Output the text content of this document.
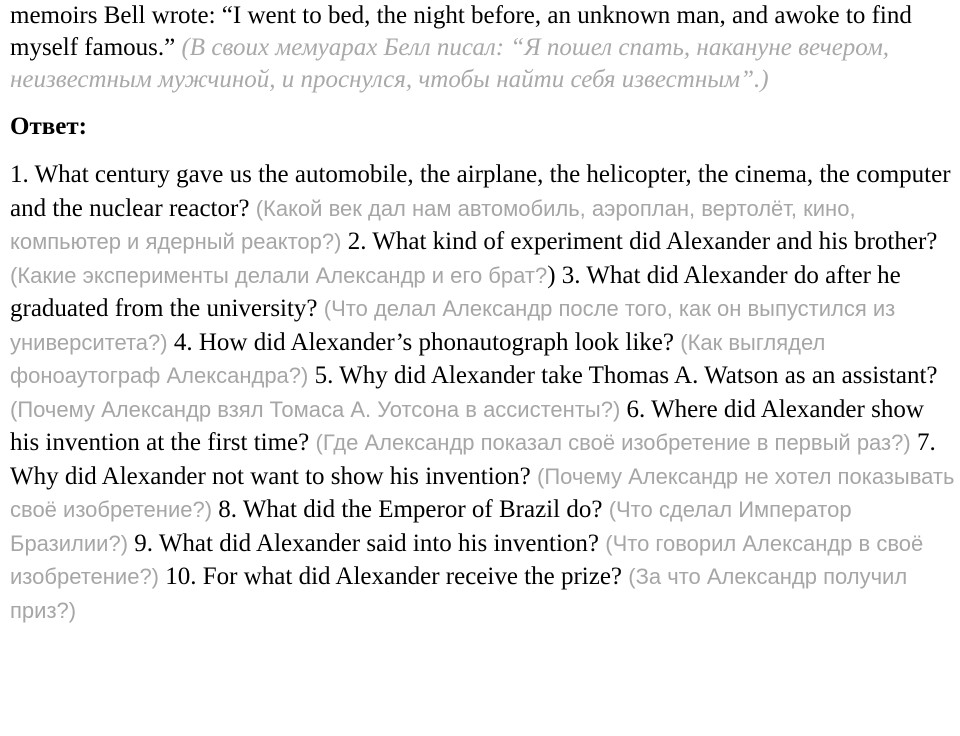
memoirs Bell wrote: “I went to bed, the night before, an unknown man, and awoke to find myself famous.” (В своих мемуарах Белл писал: “Я пошел спать, накануне вечером, неизвестным мужчиной, и проснулся, чтобы найти себя известным”.)

Ответ:

1. What century gave us the automobile, the airplane, the helicopter, the cinema, the computer and the nuclear reactor? (Какой век дал нам автомобиль, аэроплан, вертолёт, кино, компьютер и ядерный реактор?) 2. What kind of experiment did Alexander and his brother? (Какие эксперименты делали Александр и его брат?) 3. What did Alexander do after he graduated from the university? (Что делал Александр после того, как он выпустился из университета?) 4. How did Alexander’s phonautograph look like? (Как выглядел фоноаутограф Александра?) 5. Why did Alexander take Thomas A. Watson as an assistant? (Почему Александр взял Томаса А. Уотсона в ассистенты?) 6. Where did Alexander show his invention at the first time? (Где Александр показал своё изобретение в первый раз?) 7. Why did Alexander not want to show his invention? (Почему Александр не хотел показывать своё изобретение?) 8. What did the Emperor of Brazil do? (Что сделал Император Бразилии?) 9. What did Alexander said into his invention? (Что говорил Александр в своё изобретение?) 10. For what did Alexander receive the prize? (За что Александр получил приз?)
